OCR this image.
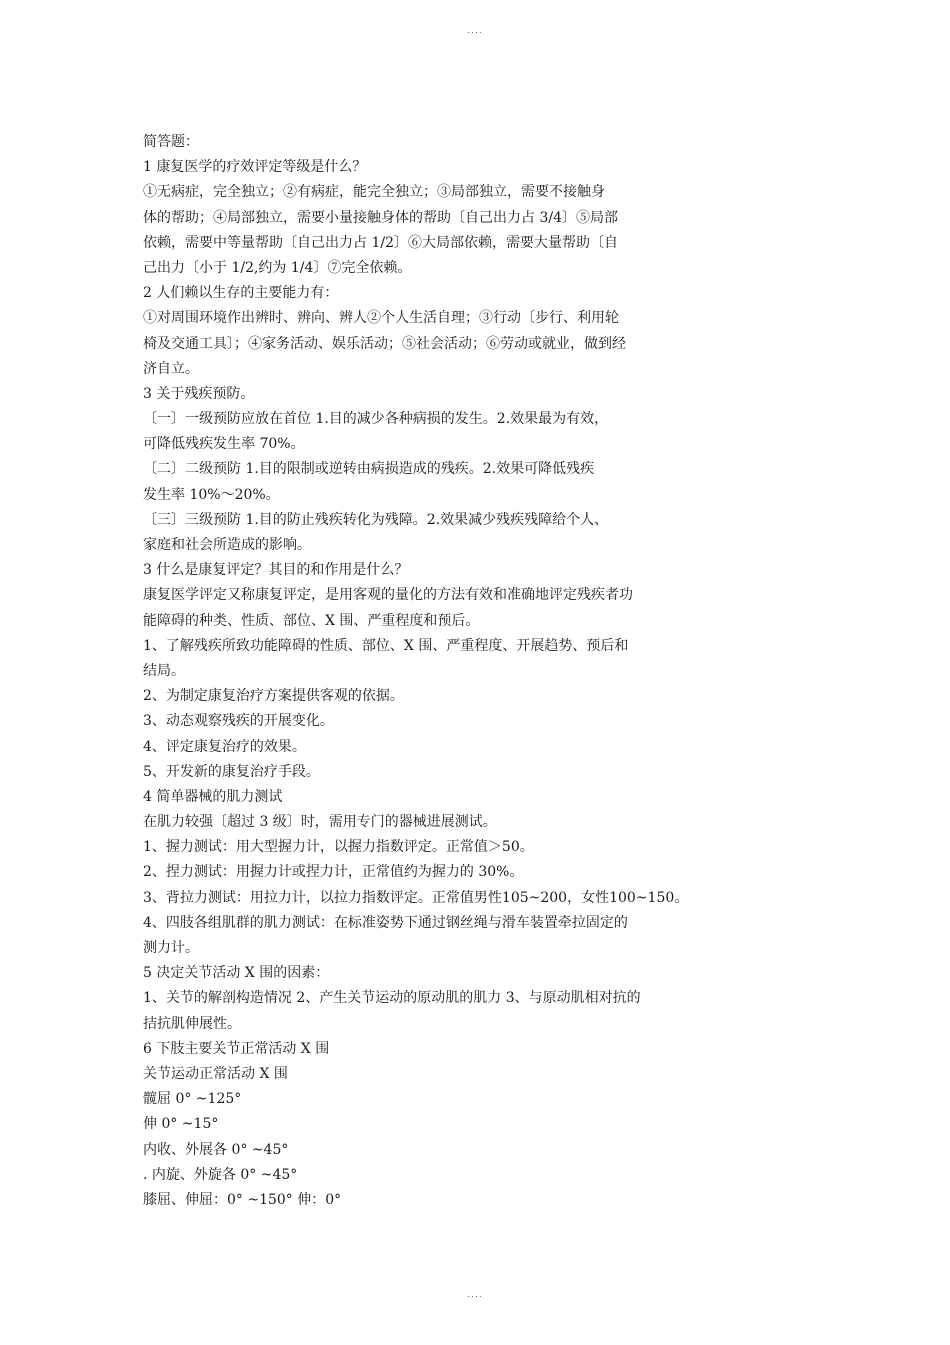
....
简答题：
1 康复医学的疗效评定等级是什么？
①无病症，完全独立；②有病症，能完全独立；③局部独立，需要不接触身
体的帮助；④局部独立，需要小量接触身体的帮助〔自己出力占 3/4〕⑤局部
依赖，需要中等量帮助〔自己出力占 1/2〕⑥大局部依赖，需要大量帮助〔自
己出力〔小于 1/2,约为 1/4〕⑦完全依赖。
2 人们赖以生存的主要能力有：
①对周围环境作出辨时、辨向、辨人②个人生活自理；③行动〔步行、利用轮
椅及交通工具〕；④家务活动、娱乐活动；⑤社会活动；⑥劳动或就业，做到经
济自立。
3 关于残疾预防。
〔一〕一级预防应放在首位 1.目的减少各种病损的发生。2.效果最为有效，
可降低残疾发生率 70%。
〔二〕二级预防 1.目的限制或逆转由病损造成的残疾。2.效果可降低残疾
发生率 10%～20%。
〔三〕三级预防 1.目的防止残疾转化为残障。2.效果减少残疾残障给个人、
家庭和社会所造成的影响。
3 什么是康复评定？其目的和作用是什么？
康复医学评定又称康复评定，是用客观的量化的方法有效和准确地评定残疾者功
能障碍的种类、性质、部位、X 围、严重程度和预后。
1、了解残疾所致功能障碍的性质、部位、X 围、严重程度、开展趋势、预后和
结局。
2、为制定康复治疗方案提供客观的依据。
3、动态观察残疾的开展变化。
4、评定康复治疗的效果。
5、开发新的康复治疗手段。
4 简单器械的肌力测试
在肌力较强〔超过 3 级〕时，需用专门的器械进展测试。
1、握力测试：用大型握力计，以握力指数评定。正常值＞50。
2、捏力测试：用握力计或捏力计，正常值约为握力的 30%。
3、背拉力测试：用拉力计，以拉力指数评定。正常值男性105~200，女性100~150。
4、四肢各组肌群的肌力测试：在标准姿势下通过钢丝绳与滑车装置牵拉固定的
测力计。
5 决定关节活动 X 围的因素：
1、关节的解剖构造情况 2、产生关节运动的原动肌的肌力 3、与原动肌相对抗的
拮抗肌伸展性。
6 下肢主要关节正常活动 X 围
关节运动正常活动 X 围
髋屈 0° ~125°
伸 0° ~15°
内收、外展各 0° ~45°
. 内旋、外旋各 0° ~45°
膝屈、伸屈：0° ~150° 伸：0°
....
